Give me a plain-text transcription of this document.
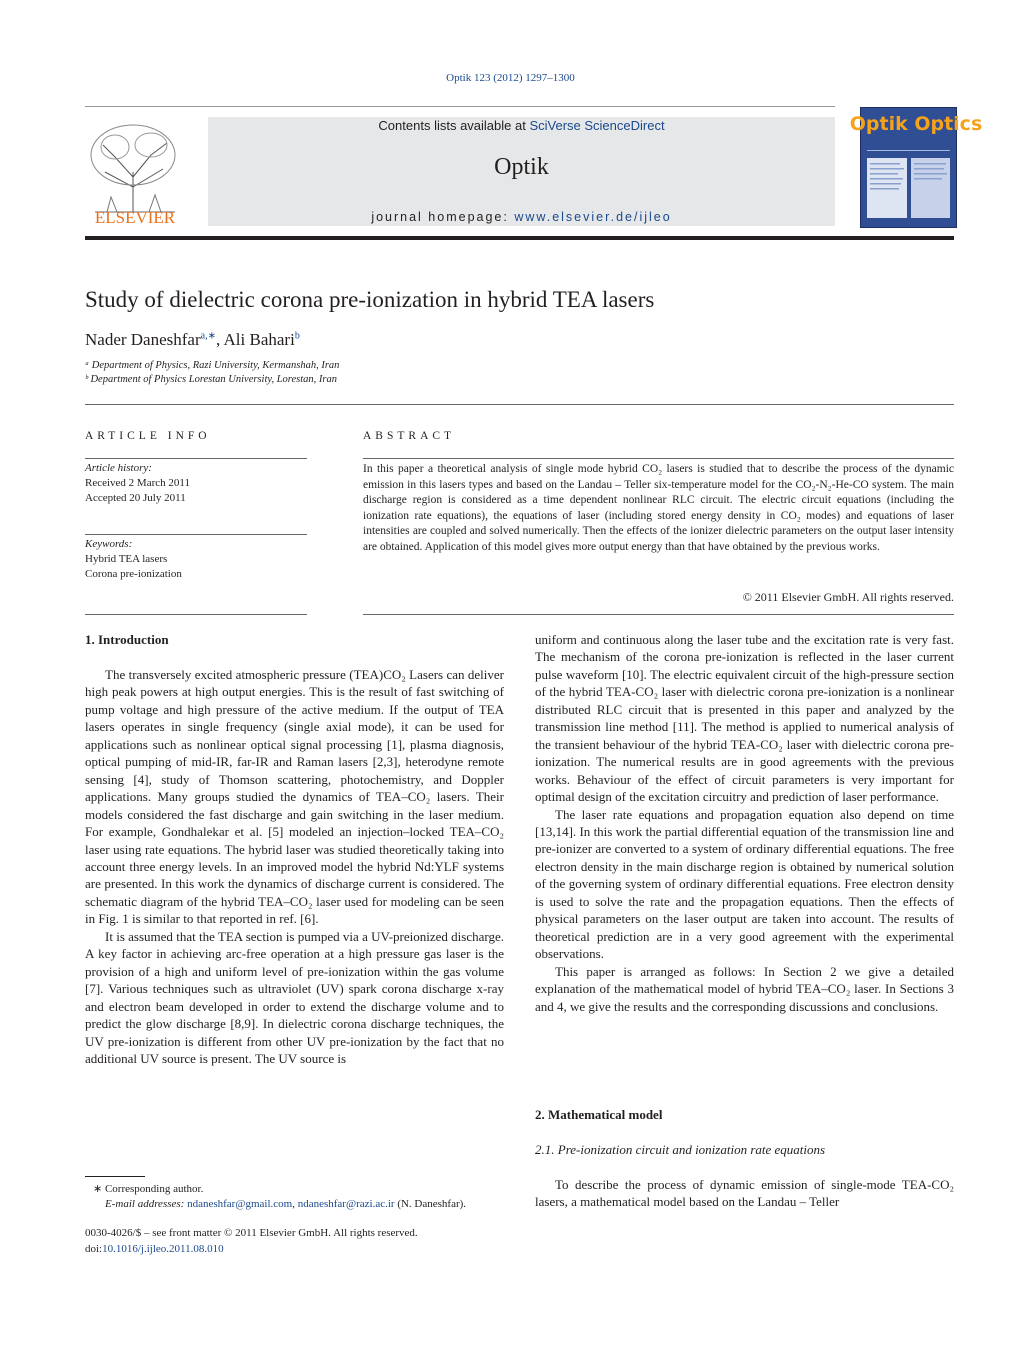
Optik 123 (2012) 1297–1300
ELSEVIER
Contents lists available at SciVerse ScienceDirect
Optik
journal homepage: www.elsevier.de/ijleo
Optik Optics
Study of dielectric corona pre-ionization in hybrid TEA lasers
Nader Daneshfar$^{a,∗}$, Ali Bahari$^b$
ᵃ Department of Physics, Razi University, Kermanshah, Iran
ᵇ Department of Physics Lorestan University, Lorestan, Iran
ARTICLE INFO
Article history:
Received 2 March 2011
Accepted 20 July 2011
Keywords:
Hybrid TEA lasers
Corona pre-ionization
ABSTRACT
In this paper a theoretical analysis of single mode hybrid CO₂ lasers is studied that to describe the process of the dynamic emission in this lasers types and based on the Landau – Teller six-temperature model for the CO₂-N₂-He-CO system. The main discharge region is considered as a time dependent nonlinear RLC circuit. The electric circuit equations (including the ionization rate equations), the equations of laser (including stored energy density in CO₂ modes) and equations of laser intensities are coupled and solved numerically. Then the effects of the ionizer dielectric parameters on the output laser intensity are obtained. Application of this model gives more output energy than that have obtained by the previous works.
© 2011 Elsevier GmbH. All rights reserved.
1. Introduction

The transversely excited atmospheric pressure (TEA)CO₂ Lasers can deliver high peak powers at high output energies. This is the result of fast switching of pump voltage and high pressure of the active medium. If the output of TEA lasers operates in single frequency (single axial mode), it can be used for applications such as nonlinear optical signal processing [1], plasma diagnosis, optical pumping of mid-IR, far-IR and Raman lasers [2,3], heterodyne remote sensing [4], study of Thomson scattering, photochemistry, and Doppler applications. Many groups studied the dynamics of TEA–CO₂ lasers. Their models considered the fast discharge and gain switching in the laser medium. For example, Gondhalekar et al. [5] modeled an injection–locked TEA–CO₂ laser using rate equations. The hybrid laser was studied theoretically taking into account three energy levels. In an improved model the hybrid Nd:YLF systems are presented. In this work the dynamics of discharge current is considered. The schematic diagram of the hybrid TEA–CO₂ laser used for modeling can be seen in Fig. 1 is similar to that reported in ref. [6].

It is assumed that the TEA section is pumped via a UV-preionized discharge. A key factor in achieving arc-free operation at a high pressure gas laser is the provision of a high and uniform level of pre-ionization within the gas volume [7]. Various techniques such as ultraviolet (UV) spark corona discharge x-ray and electron beam developed in order to extend the discharge volume and to predict the glow discharge [8,9]. In dielectric corona discharge techniques, the UV pre-ionization is different from other UV pre-ionization by the fact that no additional UV source is present. The UV source is

uniform and continuous along the laser tube and the excitation rate is very fast. The mechanism of the corona pre-ionization is reflected in the laser current pulse waveform [10]. The electric equivalent circuit of the high-pressure section of the hybrid TEA-CO₂ laser with dielectric corona pre-ionization is a nonlinear distributed RLC circuit that is presented in this paper and analyzed by the transmission line method [11]. The method is applied to numerical analysis of the transient behaviour of the hybrid TEA-CO₂ laser with dielectric corona pre-ionization. The numerical results are in good agreements with the previous works. Behaviour of the effect of circuit parameters is very important for optimal design of the excitation circuitry and prediction of laser performance.

The laser rate equations and propagation equation also depend on time [13,14]. In this work the partial differential equation of the transmission line and pre-ionizer are converted to a system of ordinary differential equations. The free electron density in the main discharge region is obtained by numerical solution of the governing system of ordinary differential equations. Free electron density is used to solve the rate and the propagation equations. Then the effects of physical parameters on the laser output are taken into account. The results of theoretical prediction are in a very good agreement with the experimental observations.

This paper is arranged as follows: In Section 2 we give a detailed explanation of the mathematical model of hybrid TEA–CO₂ laser. In Sections 3 and 4, we give the results and the corresponding discussions and conclusions.

2. Mathematical model
2.1. Pre-ionization circuit and ionization rate equations

To describe the process of dynamic emission of single-mode TEA-CO₂ lasers, a mathematical model based on the Landau – Teller

∗ Corresponding author.
E-mail addresses: ndaneshfar@gmail.com, ndaneshfar@razi.ac.ir (N. Daneshfar).
0030-4026/$ – see front matter © 2011 Elsevier GmbH. All rights reserved.
doi:10.1016/j.ijleo.2011.08.010
